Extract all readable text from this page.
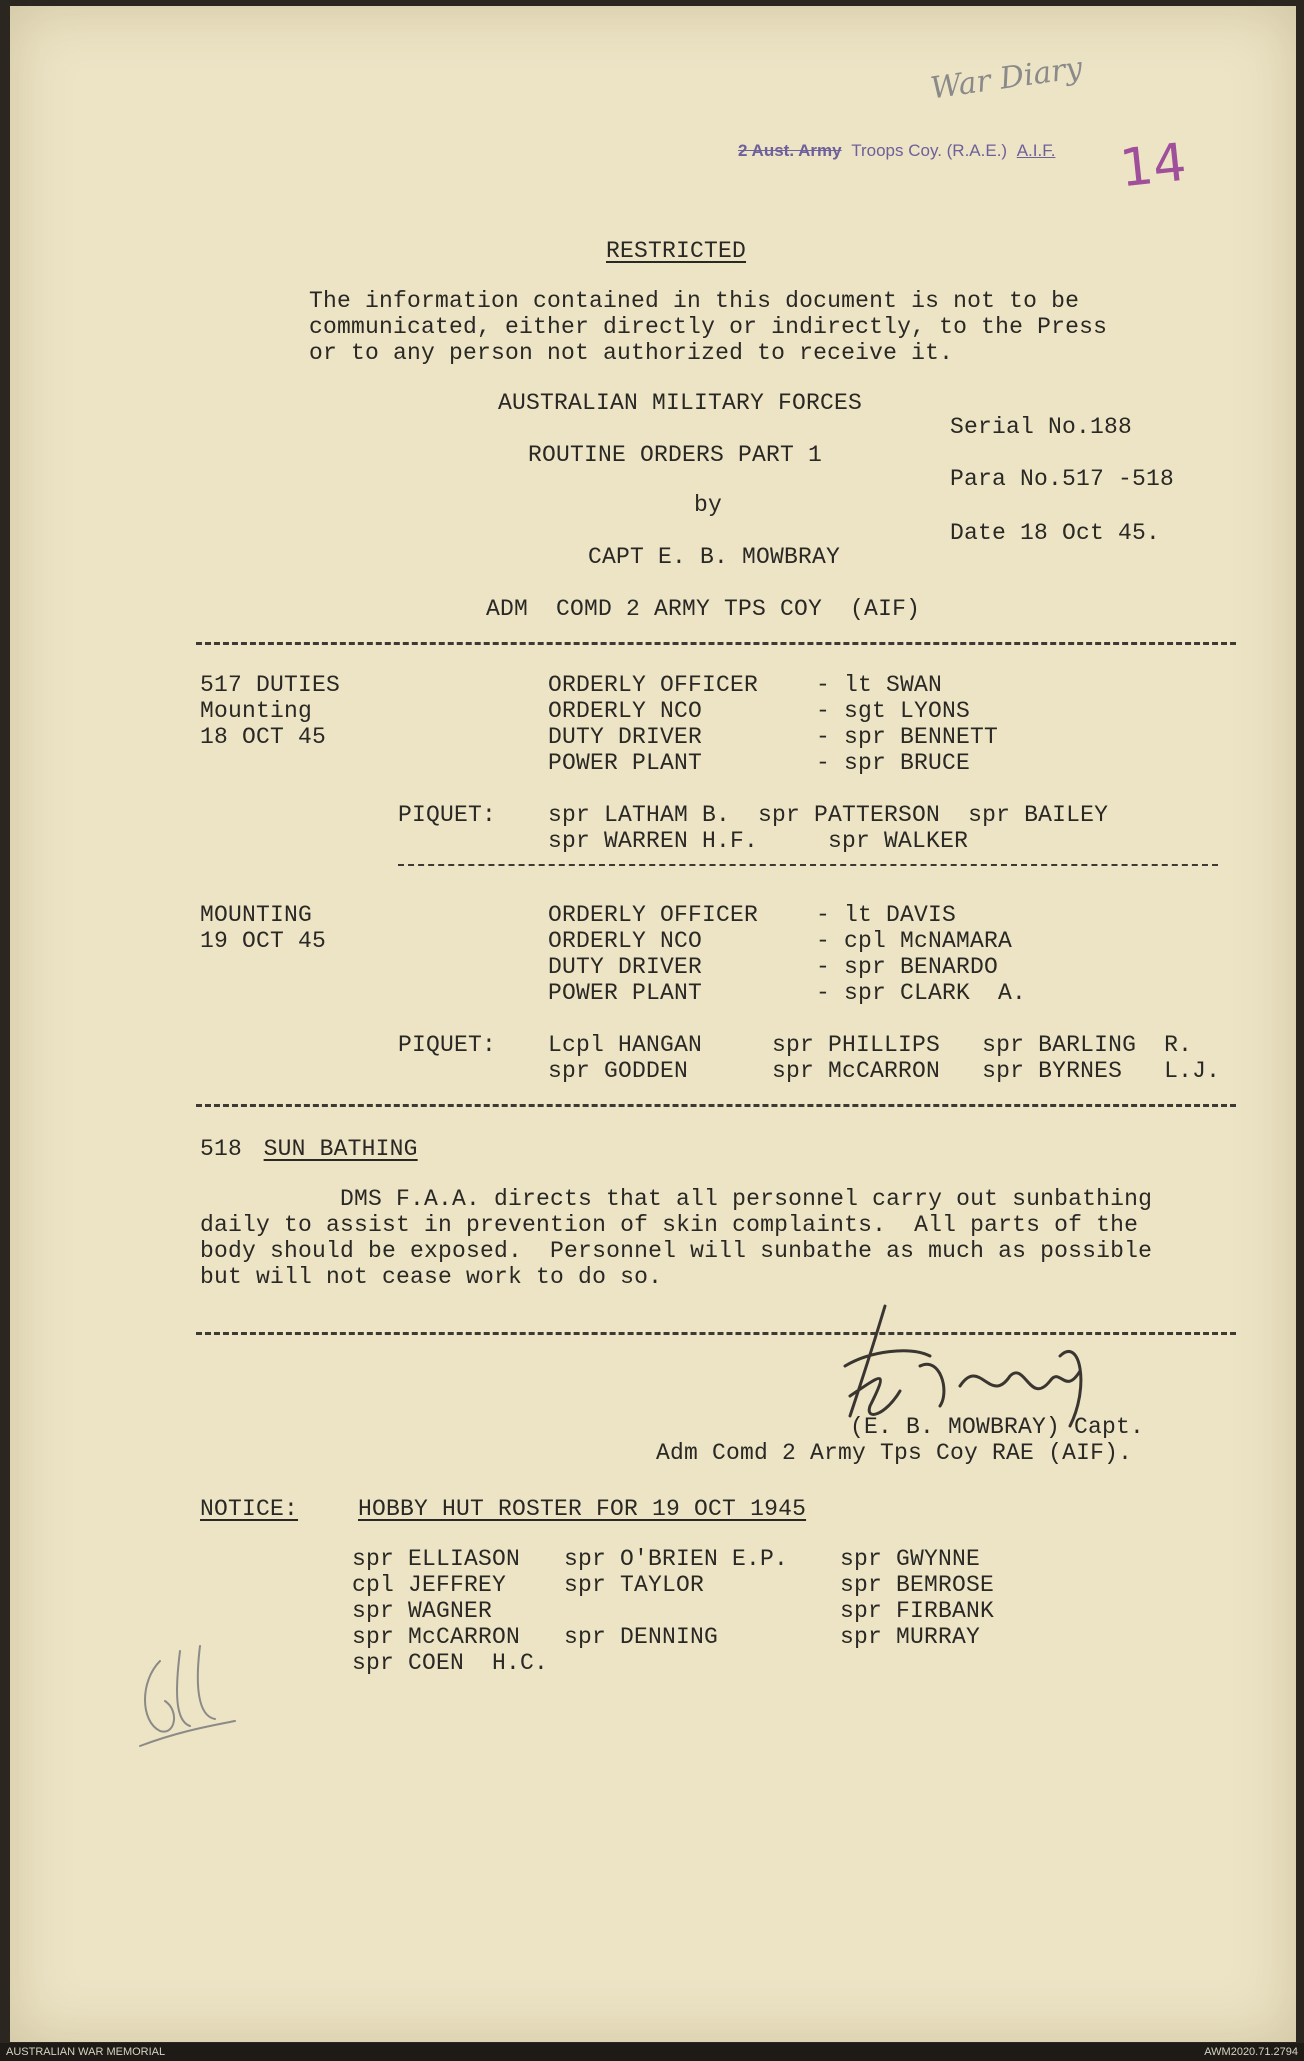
War Diary
2 Aust. Army Troops Coy. (R.A.E.) A.I.F. 14
RESTRICTED
The information contained in this document is not to be
communicated, either directly or indirectly, to the Press
or to any person not authorized to receive it.
AUSTRALIAN MILITARY FORCES
ROUTINE ORDERS PART 1
by
CAPT E. B. MOWBRAY
ADM  COMD 2 ARMY TPS COY  (AIF)
Serial No.188
Para No.517 -518
Date 18 Oct 45.
517 DUTIES
Mounting
18 OCT 45
ORDERLY OFFICER
ORDERLY NCO
DUTY DRIVER
POWER PLANT
- lt SWAN
- sgt LYONS
- spr BENNETT
- spr BRUCE
PIQUET: spr LATHAM B.  spr PATTERSON  spr BAILEY
spr WARREN H.F.     spr WALKER
MOUNTING
19 OCT 45
ORDERLY OFFICER
ORDERLY NCO
DUTY DRIVER
POWER PLANT
- lt DAVIS
- cpl McNAMARA
- spr BENARDO
- spr CLARK  A.
PIQUET: Lcpl HANGAN     spr PHILLIPS   spr BARLING  R.
spr GODDEN      spr McCARRON   spr BYRNES   L.J.
518 SUN BATHING
DMS F.A.A. directs that all personnel carry out sunbathing
daily to assist in prevention of skin complaints.  All parts of the
body should be exposed.  Personnel will sunbathe as much as possible
but will not cease work to do so.
(E. B. MOWBRAY) Capt.
Adm Comd 2 Army Tps Coy RAE (AIF).
NOTICE:	HOBBY HUT ROSTER FOR 19 OCT 1945
spr ELLIASON
cpl JEFFREY
spr WAGNER
spr McCARRON
spr COEN  H.C.
spr O'BRIEN E.P.
spr TAYLOR
spr DENNING
spr GWYNNE
spr BEMROSE
spr FIRBANK
spr MURRAY
AUSTRALIAN WAR MEMORIAL	AWM2020.71.2794
